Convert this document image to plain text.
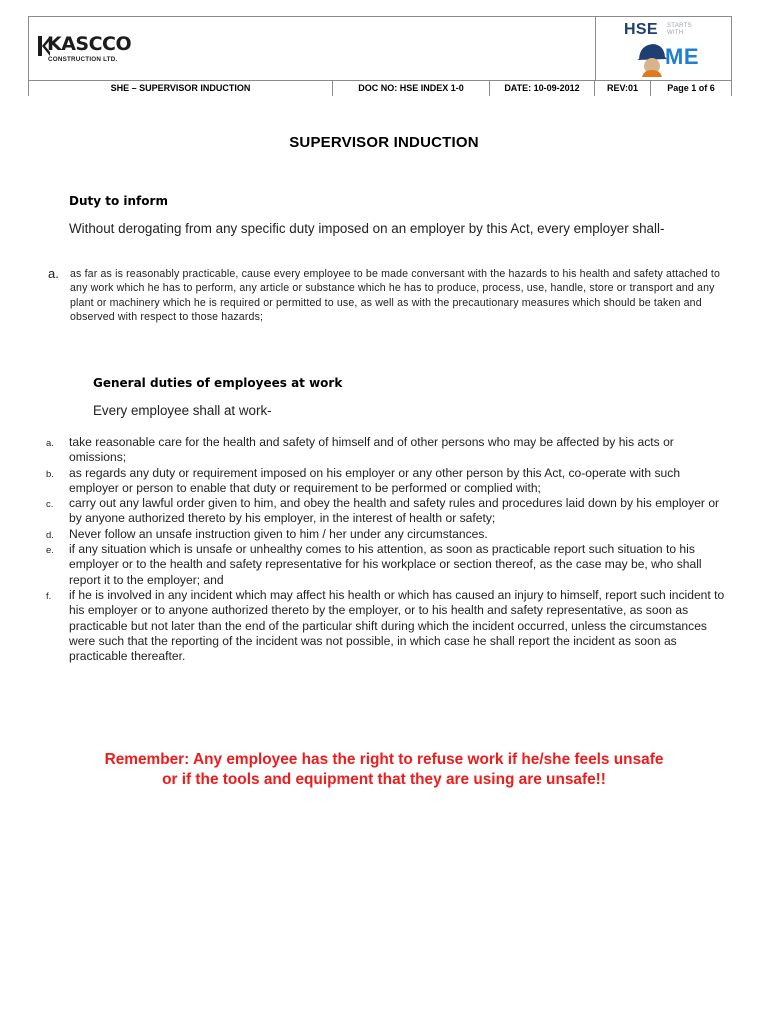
KASCCO
CONSTRUCTION LTD.
HSE STARTS
WITH
ME
SHE – SUPERVISOR INDUCTION	DOC NO: HSE INDEX 1-0	DATE: 10-09-2012	REV:01	Page 1 of 6
SUPERVISOR INDUCTION
Duty to inform
Without derogating from any specific duty imposed on an employer by this Act, every employer shall-
a. as far as is reasonably practicable, cause every employee to be made conversant with the hazards to his health and safety attached to any work which he has to perform, any article or substance which he has to produce, process, use, handle, store or transport and any plant or machinery which he is required or permitted to use, as well as with the precautionary measures which should be taken and observed with respect to those hazards;
General duties of employees at work
Every employee shall at work-
a. take reasonable care for the health and safety of himself and of other persons who may be affected by his acts or omissions;
b. as regards any duty or requirement imposed on his employer or any other person by this Act, co-operate with such employer or person to enable that duty or requirement to be performed or complied with;
c. carry out any lawful order given to him, and obey the health and safety rules and procedures laid down by his employer or by anyone authorized thereto by his employer, in the interest of health or safety;
d. Never follow an unsafe instruction given to him / her under any circumstances.
e. if any situation which is unsafe or unhealthy comes to his attention, as soon as practicable report such situation to his employer or to the health and safety representative for his workplace or section thereof, as the case may be, who shall report it to the employer; and
f. if he is involved in any incident which may affect his health or which has caused an injury to himself, report such incident to his employer or to anyone authorized thereto by the employer, or to his health and safety representative, as soon as practicable but not later than the end of the particular shift during which the incident occurred, unless the circumstances were such that the reporting of the incident was not possible, in which case he shall report the incident as soon as practicable thereafter.
Remember: Any employee has the right to refuse work if he/she feels unsafe
or if the tools and equipment that they are using are unsafe!!
